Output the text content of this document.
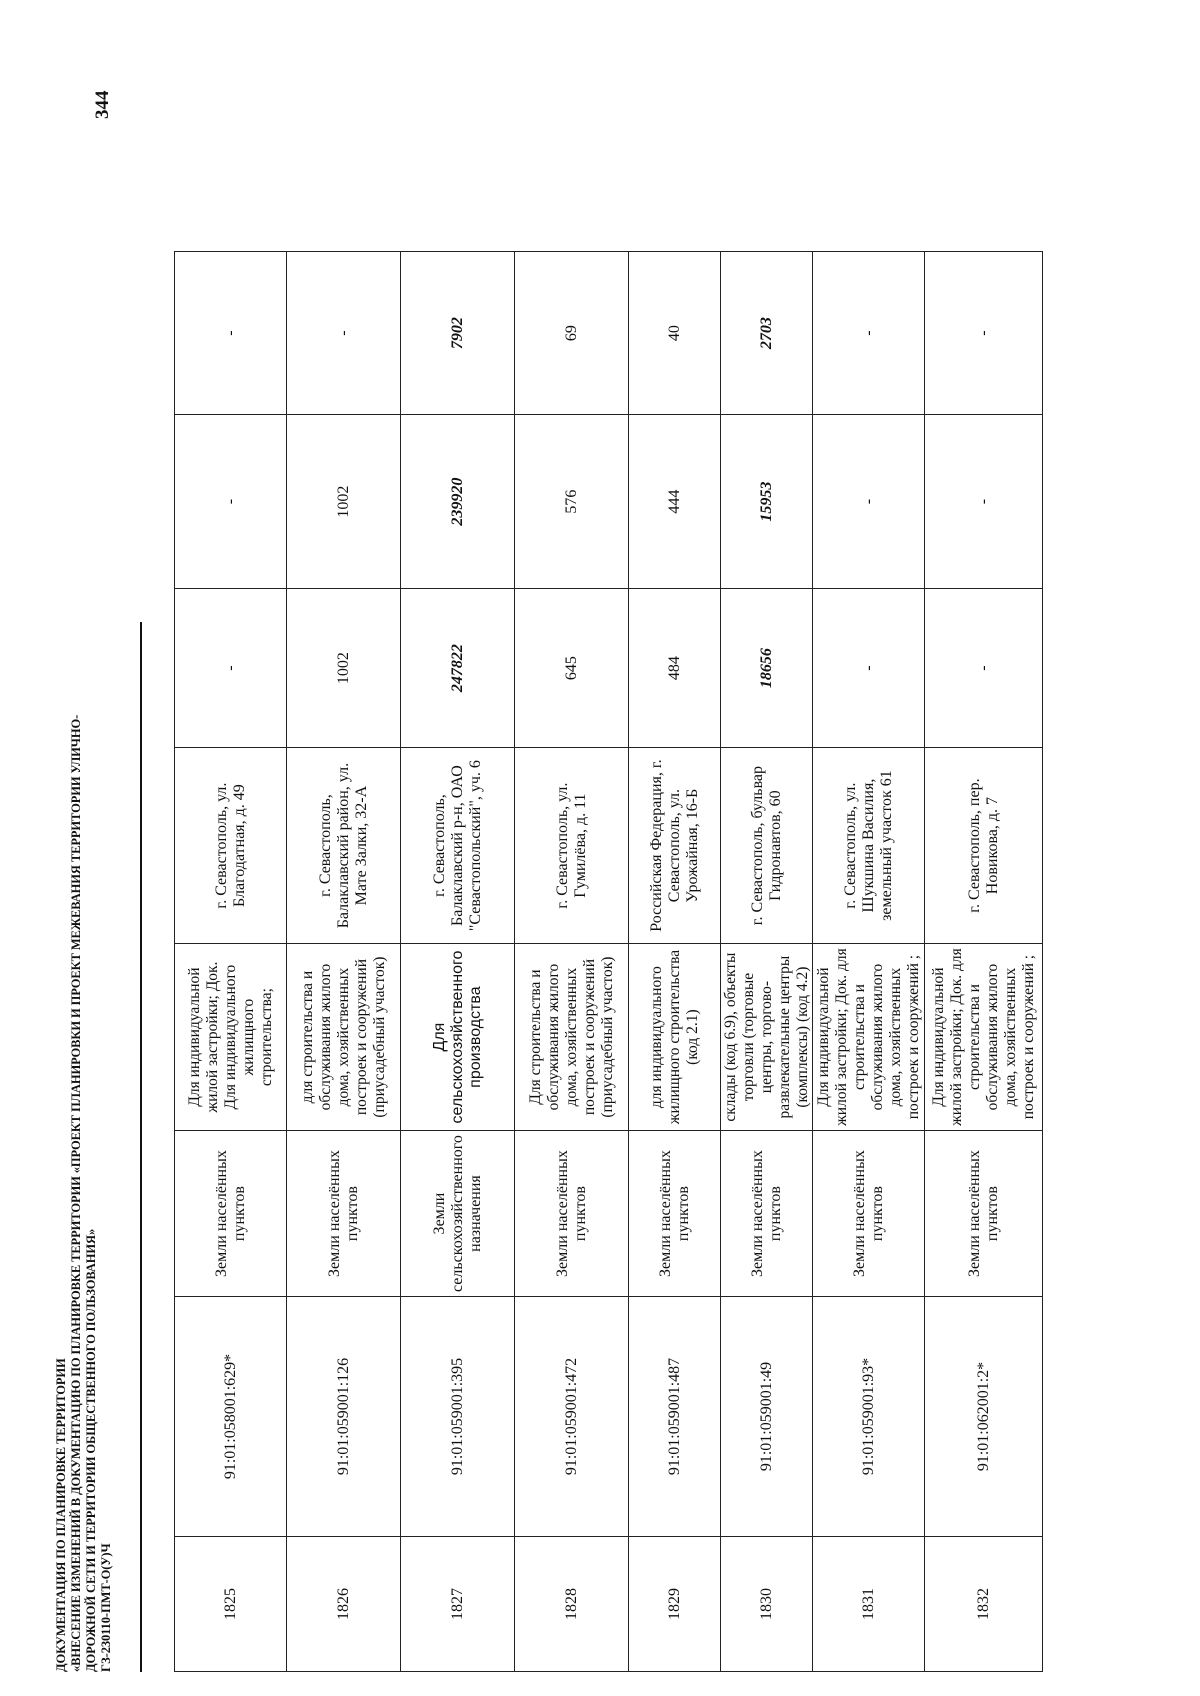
344
ДОКУМЕНТАЦИЯ ПО ПЛАНИРОВКЕ ТЕРРИТОРИИ «ВНЕСЕНИЕ ИЗМЕНЕНИЙ В ДОКУМЕНТАЦИЮ ПО ПЛАНИРОВКЕ ТЕРРИТОРИИ «ПРОЕКТ ПЛАНИРОВКИ И ПРОЕКТ МЕЖЕВАНИЯ ТЕРРИТОРИИ УЛИЧНО- ДОРОЖНОЙ СЕТИ И ТЕРРИТОРИИ ОБЩЕСТВЕННОГО ПОЛЬЗОВАНИЯ» ГЗ-230110-ПМТ-О(У)Ч	1825	91:01:058001:629*	Земли населённых пунктов	Для индивидуальной жилой застройки; Док. Для индивидуального жилищного строительства;	г. Севастополь, ул. Благодатная, д. 49	-	-	-
1826	91:01:059001:126	Земли населённых пунктов	для строительства и обслуживания жилого дома, хозяйственных построек и сооружений (приусадебный участок)	г. Севастополь, Балаклавский район, ул. Мате Залки, 32-А	1002	1002	-
1827	91:01:059001:395	Земли сельскохозяйственного назначения	Для сельскохозяйственного производства	г. Севастополь, Балаклавский р-н, ОАО "Севастопольский", уч. 6	247822	239920	7902
1828	91:01:059001:472	Земли населённых пунктов	Для строительства и обслуживания жилого дома, хозяйственных построек и сооружений (приусадебный участок)	г. Севастополь, ул. Гумилёва, д. 11	645	576	69
1829	91:01:059001:487	Земли населённых пунктов	для индивидуального жилищного строительства (код 2.1)	Российская Федерация, г. Севастополь, ул. Урожайная, 16-Б	484	444	40
1830	91:01:059001:49	Земли населённых пунктов	склады (код 6.9), объекты торговли (торговые центры, торгово-развлекательные центры (комплексы) (код 4.2)	г. Севастополь, бульвар Гидронавтов, 60	18656	15953	2703
1831	91:01:059001:93*	Земли населённых пунктов	Для индивидуальной жилой застройки; Док. для строительства и обслуживания жилого дома, хозяйственных построек и сооружений ;	г. Севастополь, ул. Шукшина Василия, земельный участок 61	-	-	-
1832	91:01:062001:2*	Земли населённых пунктов	Для индивидуальной жилой застройки; Док. для строительства и обслуживания жилого дома, хозяйственных построек и сооружений ;	г. Севастополь, пер. Новикова, д. 7	-	-	-
